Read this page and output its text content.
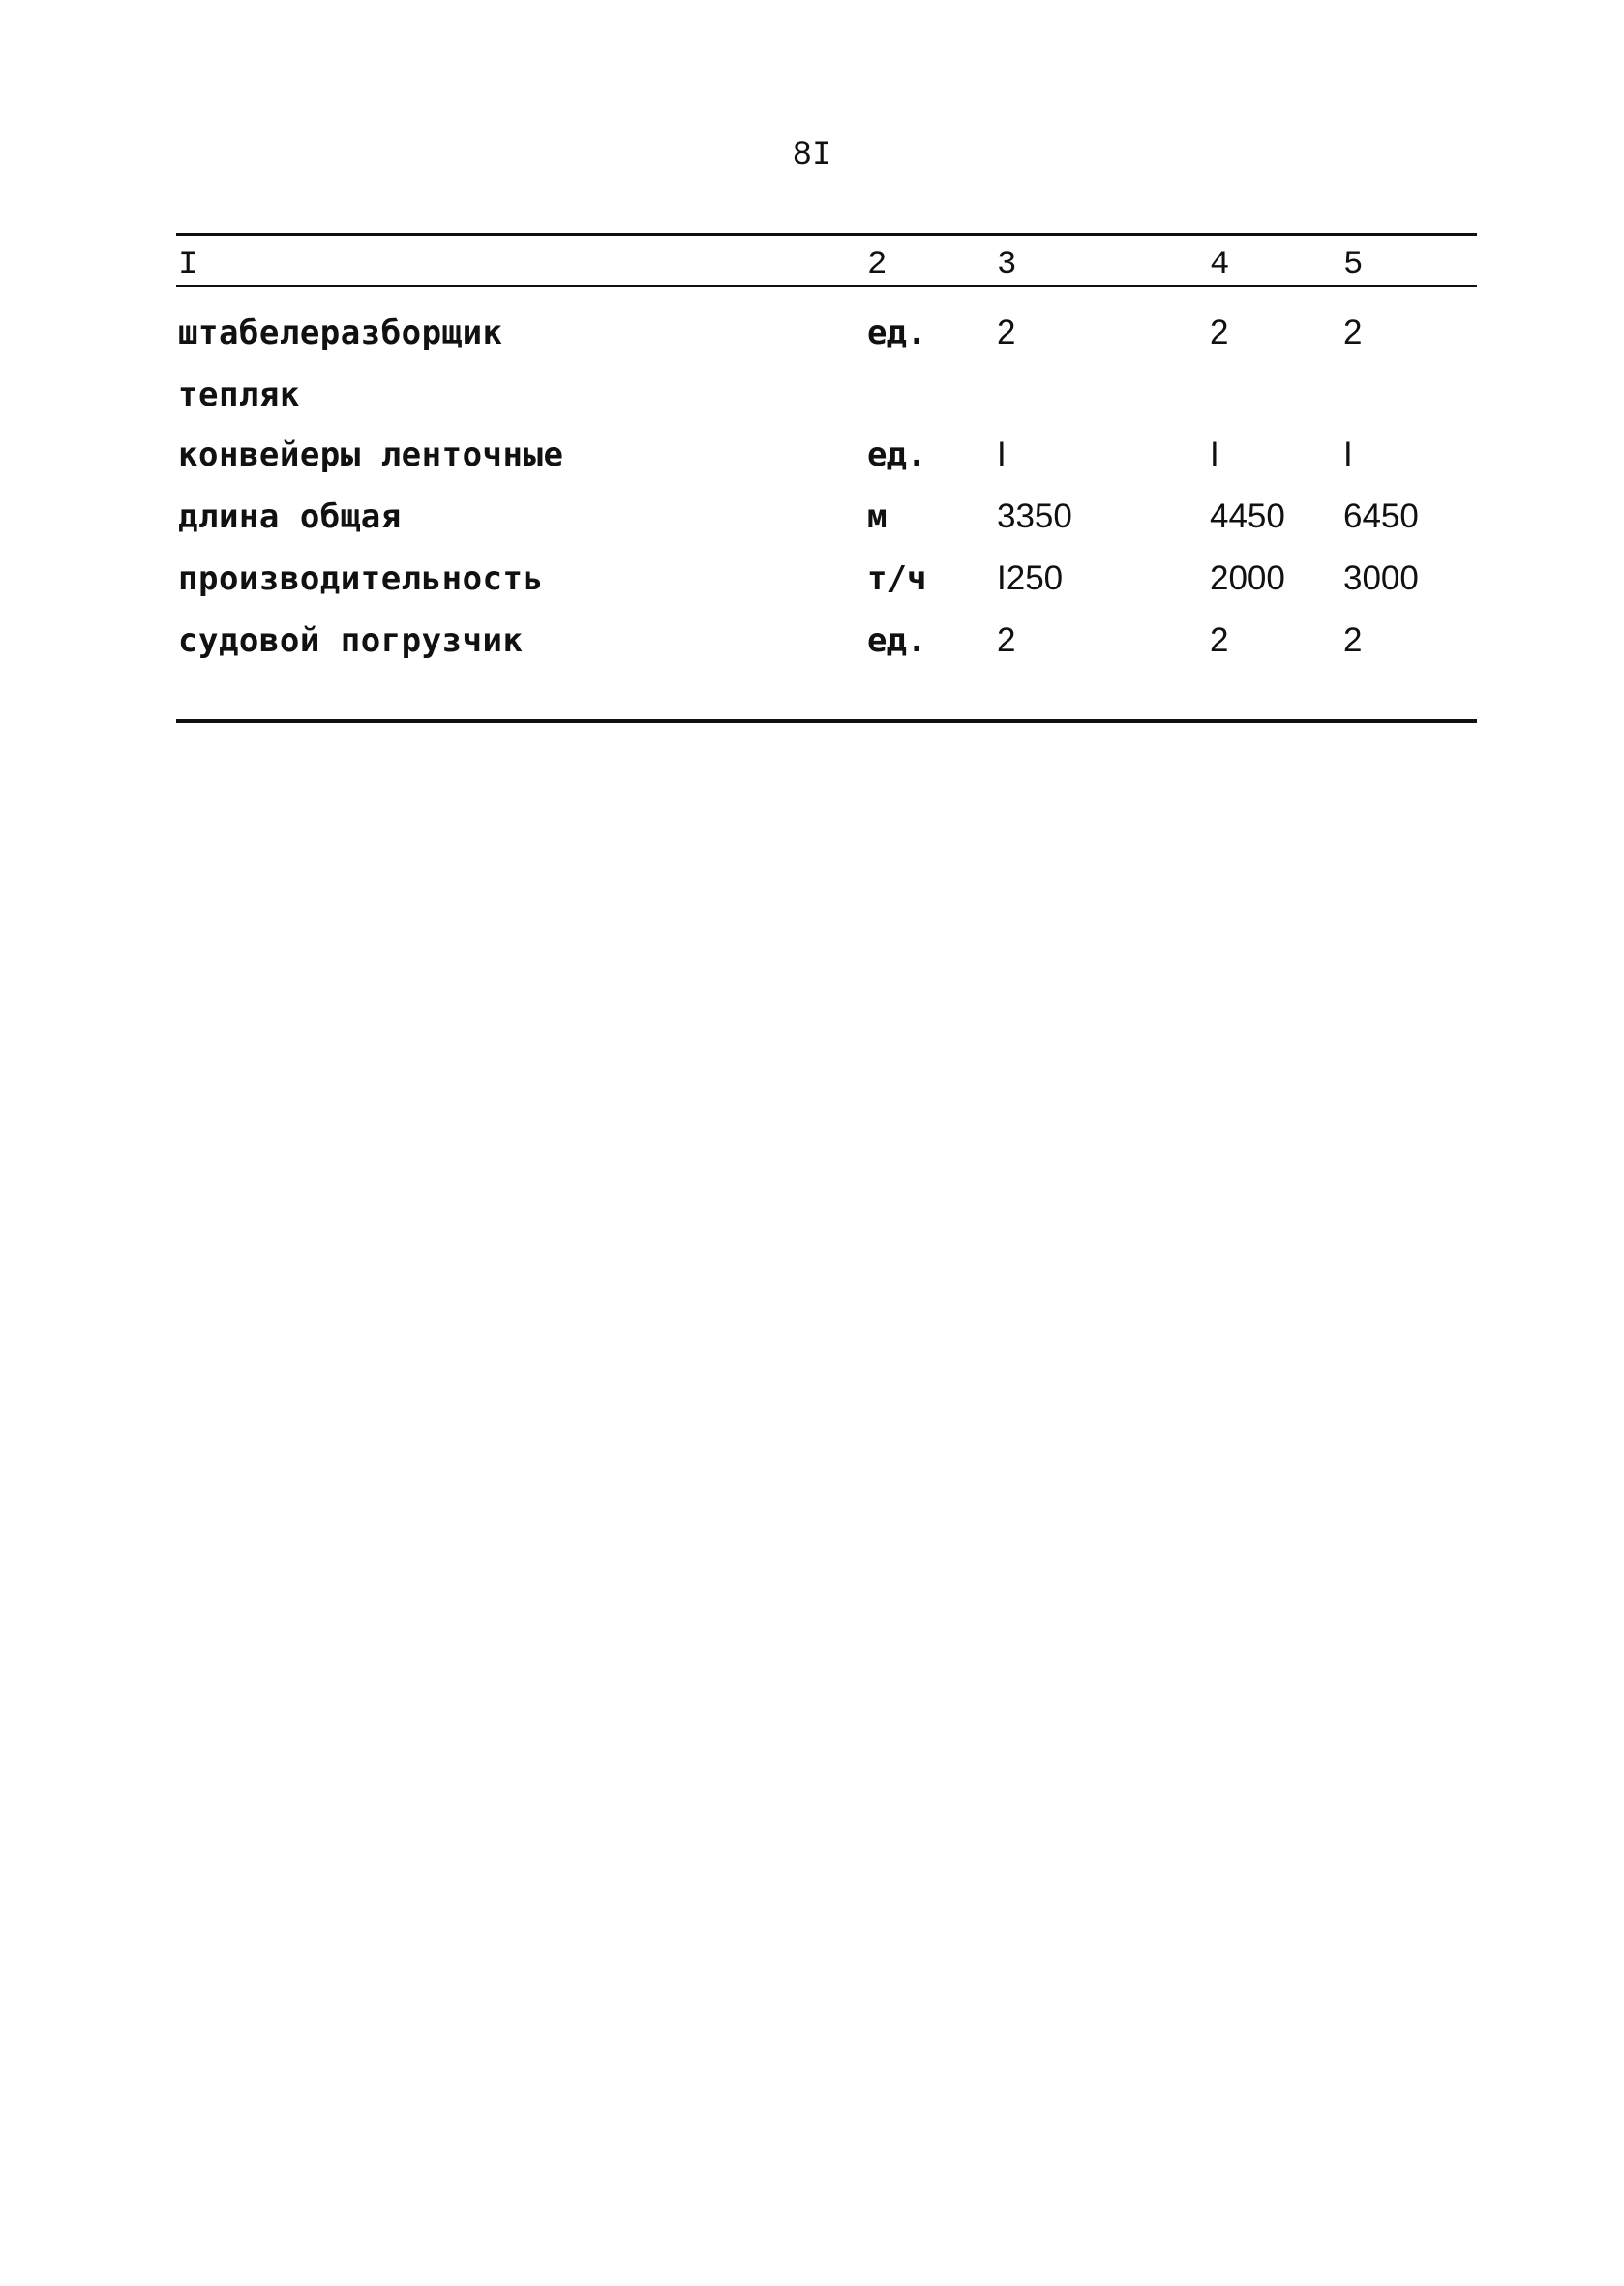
8I
I	2	3	4	5
штабелеразборщик	ед. 2	2	2
тепляк
конвейеры ленточные	ед. I	I	I
длина общая	м	3350	4450 6450
производительность	т/ч I250	2000 3000
судовой погрузчик	ед. 2	2	2
